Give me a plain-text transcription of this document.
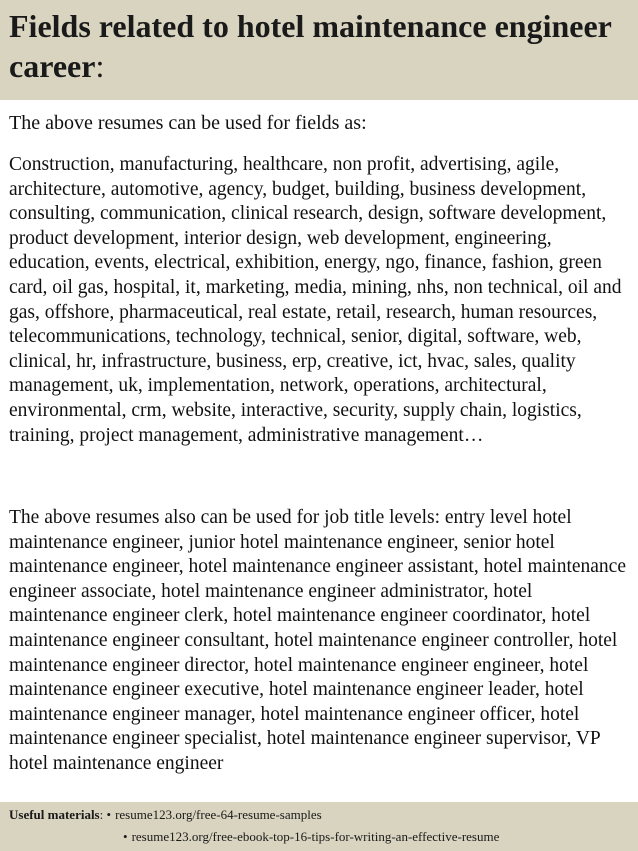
Fields related to hotel maintenance engineer career:

The above resumes can be used for fields as:

Construction, manufacturing, healthcare, non profit, advertising, agile, architecture, automotive, agency, budget, building, business development, consulting, communication, clinical research, design, software development, product development, interior design, web development, engineering, education, events, electrical, exhibition, energy, ngo, finance, fashion, green card, oil gas, hospital, it, marketing, media, mining, nhs, non technical, oil and gas, offshore, pharmaceutical, real estate, retail, research, human resources, telecommunications, technology, technical, senior, digital, software, web, clinical, hr, infrastructure, business, erp, creative, ict, hvac, sales, quality management, uk, implementation, network, operations, architectural, environmental, crm, website, interactive, security, supply chain, logistics, training, project management, administrative management…

The above resumes also can be used for job title levels: entry level hotel maintenance engineer, junior hotel maintenance engineer, senior hotel maintenance engineer, hotel maintenance engineer assistant, hotel maintenance engineer associate, hotel maintenance engineer administrator, hotel maintenance engineer clerk, hotel maintenance engineer coordinator, hotel maintenance engineer consultant, hotel maintenance engineer controller, hotel maintenance engineer director, hotel maintenance engineer engineer, hotel maintenance engineer executive, hotel maintenance engineer leader, hotel maintenance engineer manager, hotel maintenance engineer officer, hotel maintenance engineer specialist, hotel maintenance engineer supervisor, VP hotel maintenance engineer

Useful materials: • resume123.org/free-64-resume-samples
• resume123.org/free-ebook-top-16-tips-for-writing-an-effective-resume
